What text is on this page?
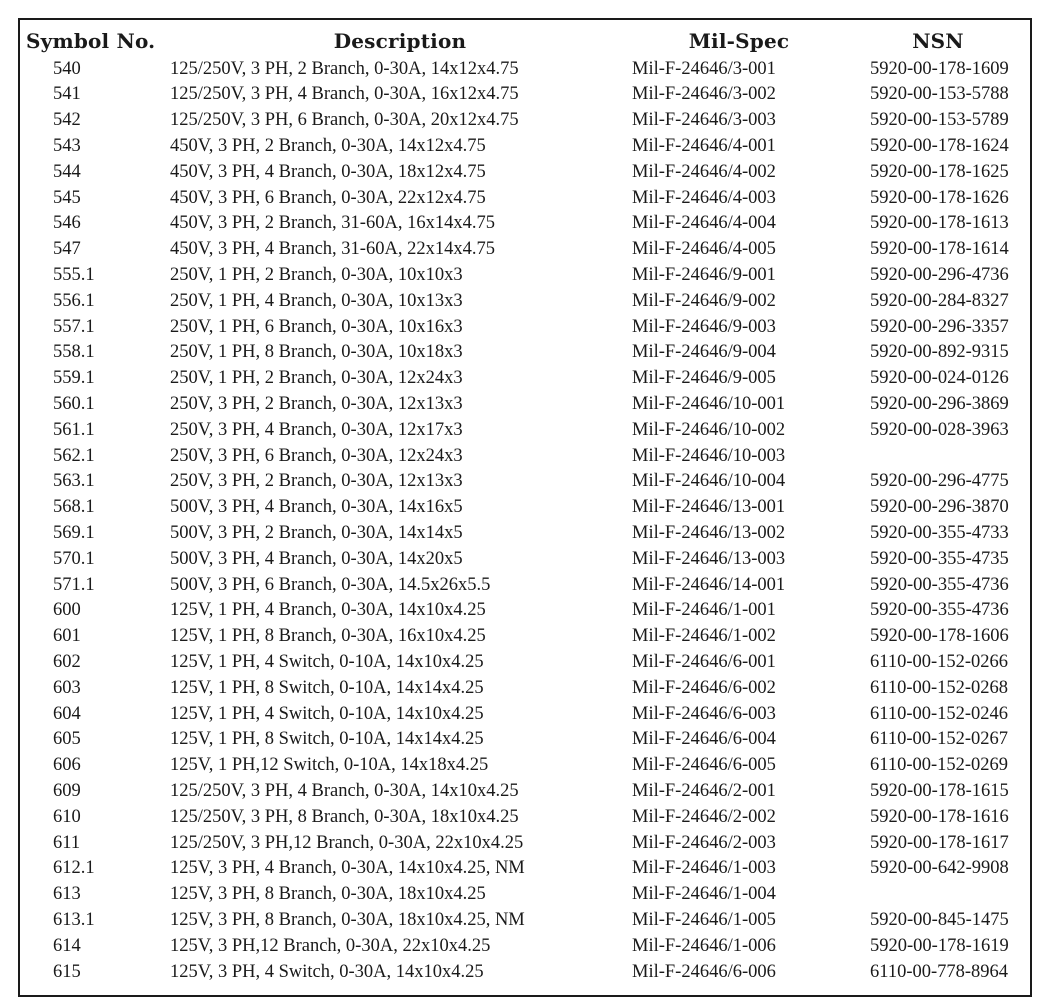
Symbol No.	Description	Mil-Spec	NSN
540	125/250V, 3 PH, 2 Branch, 0-30A, 14x12x4.75	Mil-F-24646/3-001	5920-00-178-1609
541	125/250V, 3 PH, 4 Branch, 0-30A, 16x12x4.75	Mil-F-24646/3-002	5920-00-153-5788
542	125/250V, 3 PH, 6 Branch, 0-30A, 20x12x4.75	Mil-F-24646/3-003	5920-00-153-5789
543	450V, 3 PH, 2 Branch, 0-30A, 14x12x4.75	Mil-F-24646/4-001	5920-00-178-1624
544	450V, 3 PH, 4 Branch, 0-30A, 18x12x4.75	Mil-F-24646/4-002	5920-00-178-1625
545	450V, 3 PH, 6 Branch, 0-30A, 22x12x4.75	Mil-F-24646/4-003	5920-00-178-1626
546	450V, 3 PH, 2 Branch, 31-60A, 16x14x4.75	Mil-F-24646/4-004	5920-00-178-1613
547	450V, 3 PH, 4 Branch, 31-60A, 22x14x4.75	Mil-F-24646/4-005	5920-00-178-1614
555.1	250V, 1 PH, 2 Branch, 0-30A, 10x10x3	Mil-F-24646/9-001	5920-00-296-4736
556.1	250V, 1 PH, 4 Branch, 0-30A, 10x13x3	Mil-F-24646/9-002	5920-00-284-8327
557.1	250V, 1 PH, 6 Branch, 0-30A, 10x16x3	Mil-F-24646/9-003	5920-00-296-3357
558.1	250V, 1 PH, 8 Branch, 0-30A, 10x18x3	Mil-F-24646/9-004	5920-00-892-9315
559.1	250V, 1 PH, 2 Branch, 0-30A, 12x24x3	Mil-F-24646/9-005	5920-00-024-0126
560.1	250V, 3 PH, 2 Branch, 0-30A, 12x13x3	Mil-F-24646/10-001	5920-00-296-3869
561.1	250V, 3 PH, 4 Branch, 0-30A, 12x17x3	Mil-F-24646/10-002	5920-00-028-3963
562.1	250V, 3 PH, 6 Branch, 0-30A, 12x24x3	Mil-F-24646/10-003	
563.1	250V, 3 PH, 2 Branch, 0-30A, 12x13x3	Mil-F-24646/10-004	5920-00-296-4775
568.1	500V, 3 PH, 4 Branch, 0-30A, 14x16x5	Mil-F-24646/13-001	5920-00-296-3870
569.1	500V, 3 PH, 2 Branch, 0-30A, 14x14x5	Mil-F-24646/13-002	5920-00-355-4733
570.1	500V, 3 PH, 4 Branch, 0-30A, 14x20x5	Mil-F-24646/13-003	5920-00-355-4735
571.1	500V, 3 PH, 6 Branch, 0-30A, 14.5x26x5.5	Mil-F-24646/14-001	5920-00-355-4736
600	125V, 1 PH, 4 Branch, 0-30A, 14x10x4.25	Mil-F-24646/1-001	5920-00-355-4736
601	125V, 1 PH, 8 Branch, 0-30A, 16x10x4.25	Mil-F-24646/1-002	5920-00-178-1606
602	125V, 1 PH, 4 Switch, 0-10A, 14x10x4.25	Mil-F-24646/6-001	6110-00-152-0266
603	125V, 1 PH, 8 Switch, 0-10A, 14x14x4.25	Mil-F-24646/6-002	6110-00-152-0268
604	125V, 1 PH, 4 Switch, 0-10A, 14x10x4.25	Mil-F-24646/6-003	6110-00-152-0246
605	125V, 1 PH, 8 Switch, 0-10A, 14x14x4.25	Mil-F-24646/6-004	6110-00-152-0267
606	125V, 1 PH,12 Switch, 0-10A, 14x18x4.25	Mil-F-24646/6-005	6110-00-152-0269
609	125/250V, 3 PH, 4 Branch, 0-30A, 14x10x4.25	Mil-F-24646/2-001	5920-00-178-1615
610	125/250V, 3 PH, 8 Branch, 0-30A, 18x10x4.25	Mil-F-24646/2-002	5920-00-178-1616
611	125/250V, 3 PH,12 Branch, 0-30A, 22x10x4.25	Mil-F-24646/2-003	5920-00-178-1617
612.1	125V, 3 PH, 4 Branch, 0-30A, 14x10x4.25, NM	Mil-F-24646/1-003	5920-00-642-9908
613	125V, 3 PH, 8 Branch, 0-30A, 18x10x4.25	Mil-F-24646/1-004	
613.1	125V, 3 PH, 8 Branch, 0-30A, 18x10x4.25, NM	Mil-F-24646/1-005	5920-00-845-1475
614	125V, 3 PH,12 Branch, 0-30A, 22x10x4.25	Mil-F-24646/1-006	5920-00-178-1619
615	125V, 3 PH, 4 Switch, 0-30A, 14x10x4.25	Mil-F-24646/6-006	6110-00-778-8964
